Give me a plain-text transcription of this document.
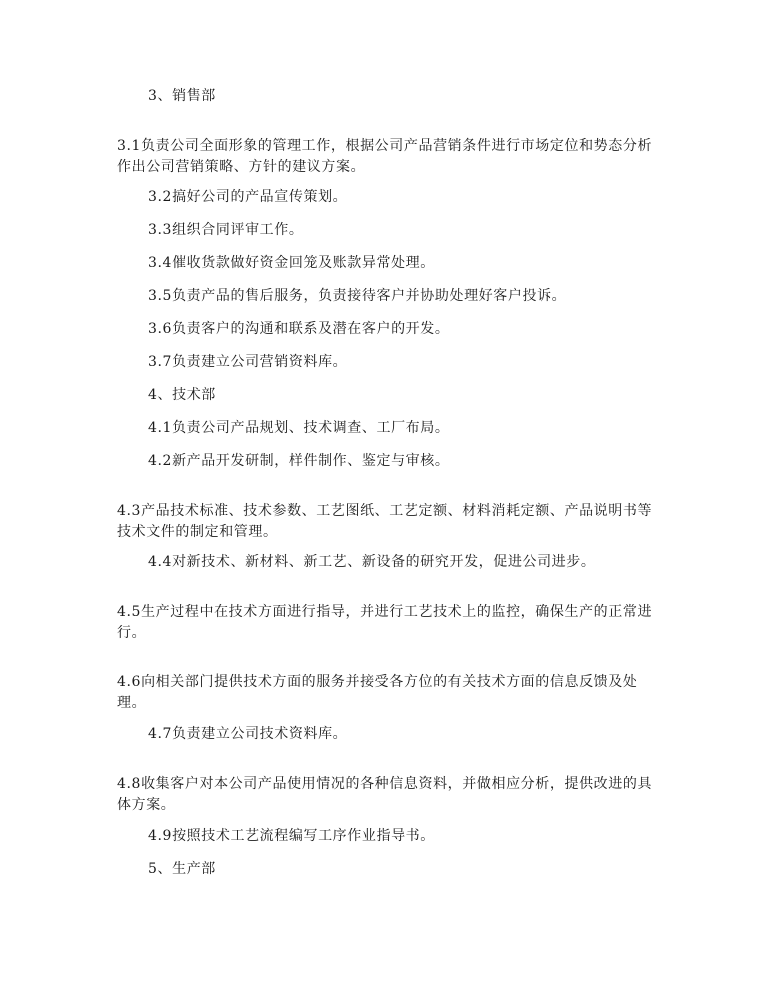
3、销售部

3.1负责公司全面形象的管理工作，根据公司产品营销条件进行市场定位和势态分析作出公司营销策略、方针的建议方案。

3.2搞好公司的产品宣传策划。

3.3组织合同评审工作。

3.4催收货款做好资金回笼及账款异常处理。

3.5负责产品的售后服务，负责接待客户并协助处理好客户投诉。

3.6负责客户的沟通和联系及潜在客户的开发。

3.7负责建立公司营销资料库。

4、技术部

4.1负责公司产品规划、技术调查、工厂布局。

4.2新产品开发研制，样件制作、鉴定与审核。

4.3产品技术标准、技术参数、工艺图纸、工艺定额、材料消耗定额、产品说明书等技术文件的制定和管理。

4.4对新技术、新材料、新工艺、新设备的研究开发，促进公司进步。

4.5生产过程中在技术方面进行指导，并进行工艺技术上的监控，确保生产的正常进行。

4.6向相关部门提供技术方面的服务并接受各方位的有关技术方面的信息反馈及处理。

4.7负责建立公司技术资料库。

4.8收集客户对本公司产品使用情况的各种信息资料，并做相应分析，提供改进的具体方案。

4.9按照技术工艺流程编写工序作业指导书。

5、生产部
